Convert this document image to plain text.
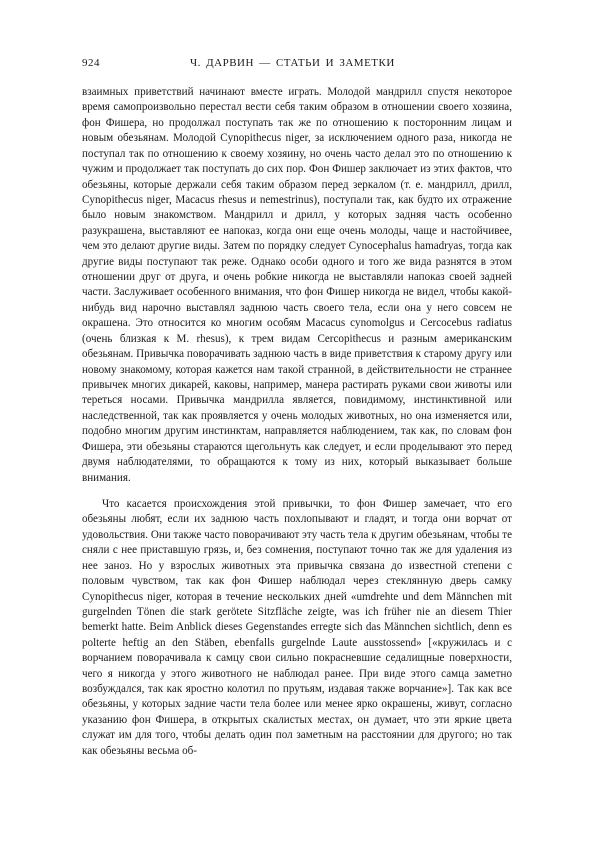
924	Ч. ДАРВИН — СТАТЬИ И ЗАМЕТКИ

взаимных приветствий начинают вместе играть. Молодой мандрилл спустя некоторое время самопроизвольно перестал вести себя таким образом в отношении своего хозяина, фон Фишера, но продолжал поступать так же по отношению к посторонним лицам и новым обезьянам. Молодой Cynopithecus niger, за исключением одного раза, никогда не поступал так по отношению к своему хозяину, но очень часто делал это по отношению к чужим и продолжает так поступать до сих пор. Фон Фишер заключает из этих фактов, что обезьяны, которые держали себя таким образом перед зеркалом (т. е. мандрилл, дрилл, Cynopithecus niger, Macacus rhesus и nemestrinus), поступали так, как будто их отражение было новым знакомством. Мандрилл и дрилл, у которых задняя часть особенно разукрашена, выставляют ее напоказ, когда они еще очень молоды, чаще и настойчивее, чем это делают другие виды. Затем по порядку следует Cynocephalus hamadryas, тогда как другие виды поступают так реже. Однако особи одного и того же вида разнятся в этом отношении друг от друга, и очень робкие никогда не выставляли напоказ своей задней части. Заслуживает особенного внимания, что фон Фишер никогда не видел, чтобы какой-нибудь вид нарочно выставлял заднюю часть своего тела, если она у него совсем не окрашена. Это относится ко многим особям Macacus cynomolgus и Cercocebus radiatus (очень близкая к M. rhesus), к трем видам Cercopithecus и разным американским обезьянам. Привычка поворачивать заднюю часть в виде приветствия к старому другу или новому знакомому, которая кажется нам такой странной, в действительности не страннее привычек многих дикарей, каковы, например, манера растирать руками свои животы или тереться носами. Привычка мандрилла является, повидимому, инстинктивной или наследственной, так как проявляется у очень молодых животных, но она изменяется или, подобно многим другим инстинктам, направляется наблюдением, так как, по словам фон Фишера, эти обезьяны стараются щегольнуть как следует, и если проделывают это перед двумя наблюдателями, то обращаются к тому из них, который выказывает больше внимания.

Что касается происхождения этой привычки, то фон Фишер замечает, что его обезьяны любят, если их заднюю часть похлопывают и гладят, и тогда они ворчат от удовольствия. Они также часто поворачивают эту часть тела к другим обезьянам, чтобы те сняли с нее приставшую грязь, и, без сомнения, поступают точно так же для удаления из нее заноз. Но у взрослых животных эта привычка связана до известной степени с половым чувством, так как фон Фишер наблюдал через стеклянную дверь самку Cynopithecus niger, которая в течение нескольких дней «umdrehte und dem Männchen mit gurgelnden Tönen die stark gerötete Sitzfläche zeigte, was ich früher nie an diesem Thier bemerkt hatte. Beim Anblick dieses Gegenstandes erregte sich das Männchen sichtlich, denn es polterte heftig an den Stäben, ebenfalls gurgelnde Laute ausstossend» [«кружилась и с ворчанием поворачивала к самцу свои сильно покрасневшие седалищные поверхности, чего я никогда у этого животного не наблюдал ранее. При виде этого самца заметно возбуждался, так как яростно колотил по прутьям, издавая также ворчание»]. Так как все обезьяны, у которых задние части тела более или менее ярко окрашены, живут, согласно указанию фон Фишера, в открытых скалистых местах, он думает, что эти яркие цвета служат им для того, чтобы делать один пол заметным на расстоянии для другого; но так как обезьяны весьма об-
